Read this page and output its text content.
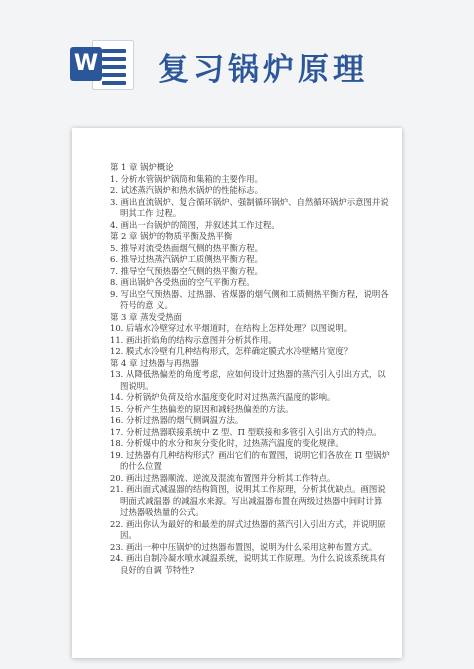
W 复习锅炉原理
第 1 章 锅炉概论
1. 分析水管锅炉锅筒和集箱的主要作用。
2. 试述蒸汽锅炉和热水锅炉的性能标志。
3. 画出直流锅炉、复合循环锅炉、强制循环锅炉、自然循环锅炉示意图并说
明其工作 过程。
4. 画出一台锅炉的简图，并叙述其工作过程。
第 2 章 锅炉的物质平衡及热平衡
5. 推导对流受热面烟气侧的热平衡方程。
6. 推导过热蒸汽锅炉工质侧热平衡方程。
7. 推导空气预热器空气侧的热平衡方程。
8. 画出锅炉各受热面的空气平衡方程。
9. 写出空气预热器、过热器、省煤器的烟气侧和工质侧热平衡方程，说明各
符号的意 义。
第 3 章 蒸发受热面
10. 后墙水冷壁穿过水平烟道时，在结构上怎样处理？以图说明。
11. 画出折焰角的结构示意图并分析其作用。
12. 膜式水冷壁有几种结构形式，怎样确定膜式水冷壁鳍片宽度？
第 4 章 过热器与再热器
13. 从降低热偏差的角度考虑，应如何设计过热器的蒸汽引入引出方式，以
图说明。
14. 分析锅炉负荷及给水温度变化时对过热蒸汽温度的影响。
15. 分析产生热偏差的原因和减轻热偏差的方法。
16. 分析过热器的烟气侧调温方法。
17. 分析过热器联接系统中 Z 型、Π 型联接和多管引入引出方式的特点。
18. 分析煤中的水分和灰分变化时，过热蒸汽温度的变化规律。
19. 过热器有几种结构形式？画出它们的布置图，说明它们各放在 Π 型锅炉
的什么位置
20. 画出过热器顺流、逆流及混流布置图并分析其工作特点。
21. 画出面式减温器的结构简图，说明其工作原理，分析其优缺点。画图说
明面式减温器 的减温水来源。写出减温器布置在两级过热器中间时计算
过热器吸热量的公式。
22. 画出你认为最好的和最差的屏式过热器的蒸汽引入引出方式，并说明原
因。
23. 画出一种中压锅炉的过热器布置图，说明为什么采用这种布置方式。
24. 画出自制冷凝水喷水减温系统，说明其工作原理。为什么说该系统具有
良好的自调 节特性?
